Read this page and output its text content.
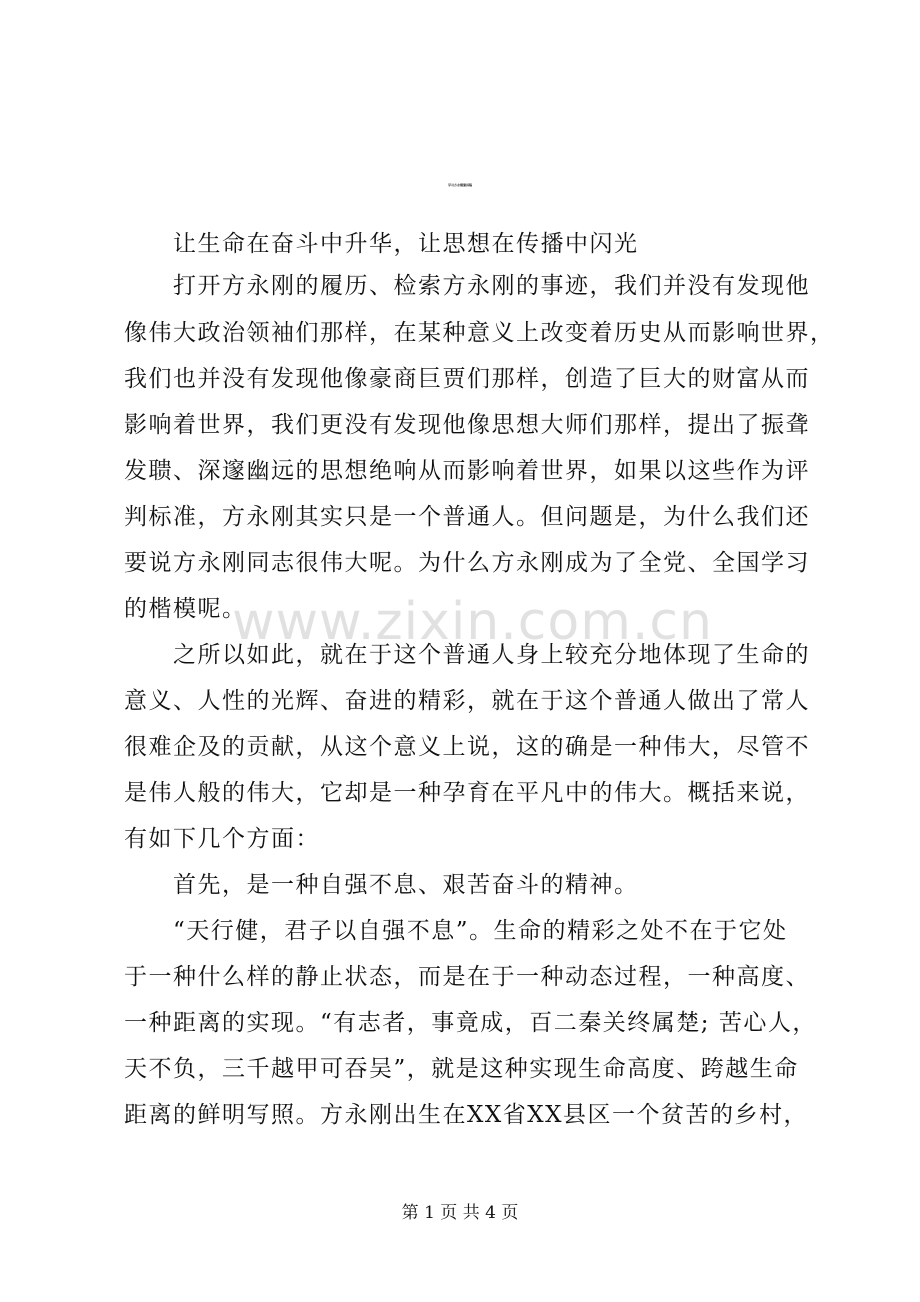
学习方永刚演讲稿
www.zixin.com.cn
　　让生命在奋斗中升华，让思想在传播中闪光
　　打开方永刚的履历、检索方永刚的事迹，我们并没有发现他
像伟大政治领袖们那样，在某种意义上改变着历史从而影响世界，
我们也并没有发现他像豪商巨贾们那样，创造了巨大的财富从而
影响着世界，我们更没有发现他像思想大师们那样，提出了振聋
发聩、深邃幽远的思想绝响从而影响着世界，如果以这些作为评
判标准，方永刚其实只是一个普通人。但问题是，为什么我们还
要说方永刚同志很伟大呢。为什么方永刚成为了全党、全国学习
的楷模呢。
　　之所以如此，就在于这个普通人身上较充分地体现了生命的
意义、人性的光辉、奋进的精彩，就在于这个普通人做出了常人
很难企及的贡献，从这个意义上说，这的确是一种伟大，尽管不
是伟人般的伟大，它却是一种孕育在平凡中的伟大。概括来说，
有如下几个方面：
　　首先，是一种自强不息、艰苦奋斗的精神。
　　“天行健，君子以自强不息”。生命的精彩之处不在于它处
于一种什么样的静止状态，而是在于一种动态过程，一种高度、
一种距离的实现。“有志者，事竟成，百二秦关终属楚; 苦心人，
天不负，三千越甲可吞吴”，就是这种实现生命高度、跨越生命
距离的鲜明写照。方永刚出生在XX省XX县区一个贫苦的乡村，
第 1 页 共 4 页
